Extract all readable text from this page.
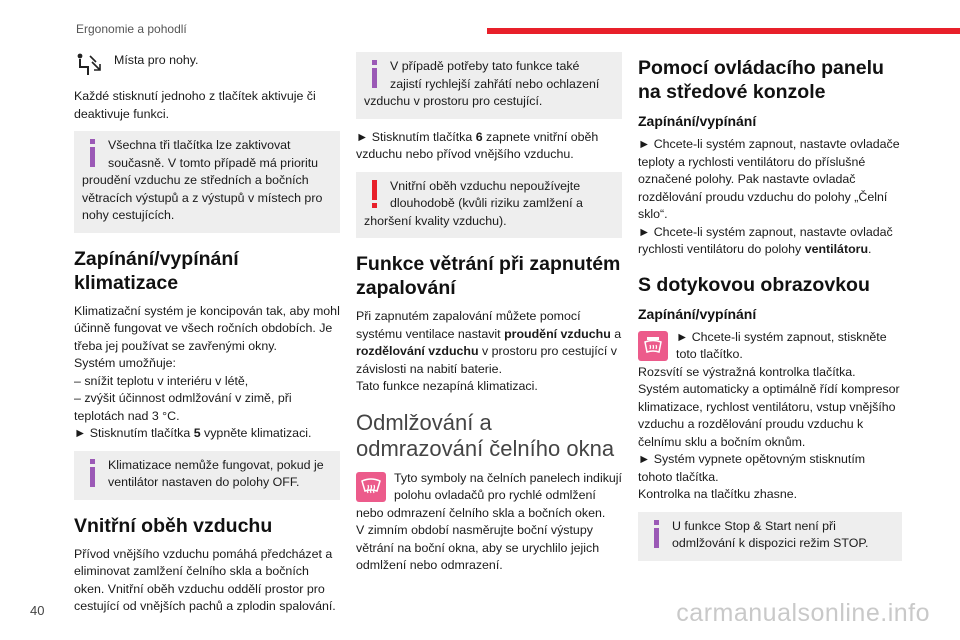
Ergonomie a pohodlí
Místa pro nohy.

Každé stisknutí jednoho z tlačítek aktivuje či deaktivuje funkci.

Všechna tři tlačítka lze zaktivovat současně. V tomto případě má prioritu proudění vzduchu ze středních a bočních větracích výstupů a z výstupů v místech pro nohy cestujících.
Zapínání/vypínání klimatizace

Klimatizační systém je koncipován tak, aby mohl účinně fungovat ve všech ročních obdobích. Je třeba jej používat se zavřenými okny.

Systém umožňuje:

– snížit teplotu v interiéru v létě,

– zvýšit účinnost odmlžování v zimě, při teplotách nad 3 °C.

► Stisknutím tlačítka 5 vypněte klimatizaci.

Klimatizace nemůže fungovat, pokud je ventilátor nastaven do polohy OFF.
Vnitřní oběh vzduchu

Přívod vnějšího vzduchu pomáhá předcházet a eliminovat zamlžení čelního skla a bočních oken. Vnitřní oběh vzduchu oddělí prostor pro cestující od vnějších pachů a zplodin spalování.

V případě potřeby tato funkce také zajistí rychlejší zahřátí nebo ochlazení vzduchu v prostoru pro cestující.

► Stisknutím tlačítka 6 zapnete vnitřní oběh vzduchu nebo přívod vnějšího vzduchu.

Vnitřní oběh vzduchu nepoužívejte dlouhodobě (kvůli riziku zamlžení a zhoršení kvality vzduchu).
Funkce větrání při zapnutém zapalování

Při zapnutém zapalování můžete pomocí systému ventilace nastavit proudění vzduchu a rozdělování vzduchu v prostoru pro cestující v závislosti na nabití baterie.

Tato funkce nezapíná klimatizaci.

Odmlžování a odmrazování čelního okna
Tyto symboly na čelních panelech indikují polohu ovladačů pro rychlé odmlžení nebo odmrazení čelního skla a bočních oken.

V zimním období nasměrujte boční výstupy větrání na boční okna, aby se urychlilo jejich odmlžení nebo odmrazení.

Pomocí ovládacího panelu na středové konzole
Zapínání/vypínání

► Chcete-li systém zapnout, nastavte ovladače teploty a rychlosti ventilátoru do příslušné označené polohy. Pak nastavte ovladač rozdělování proudu vzduchu do polohy „Čelní sklo“.

► Chcete-li systém zapnout, nastavte ovladač rychlosti ventilátoru do polohy ventilátoru.

S dotykovou obrazovkou
Zapínání/vypínání
► Chcete-li systém zapnout, stiskněte toto tlačítko.

Rozsvítí se výstražná kontrolka tlačítka.

Systém automaticky a optimálně řídí kompresor klimatizace, rychlost ventilátoru, vstup vnějšího vzduchu a rozdělování proudu vzduchu k čelnímu sklu a bočním oknům.

► Systém vypnete opětovným stisknutím tohoto tlačítka.

Kontrolka na tlačítku zhasne.

U funkce Stop & Start není při odmlžování k dispozici režim STOP.
40	carmanualsonline.info
